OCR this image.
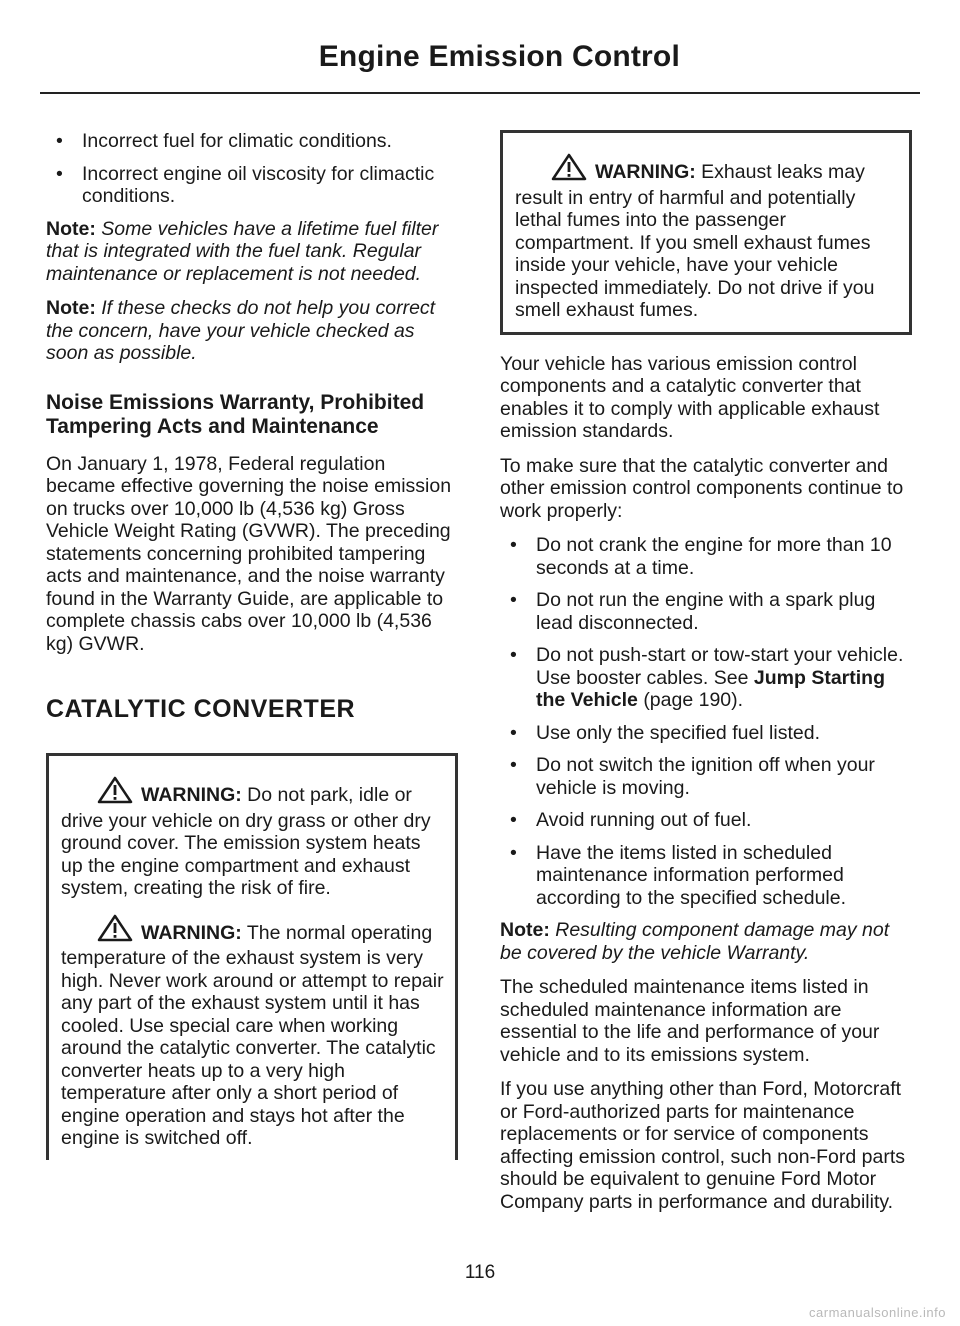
Engine Emission Control
• Incorrect fuel for climatic conditions.
• Incorrect engine oil viscosity for climactic conditions.

Note: Some vehicles have a lifetime fuel filter that is integrated with the fuel tank. Regular maintenance or replacement is not needed.

Note: If these checks do not help you correct the concern, have your vehicle checked as soon as possible.

Noise Emissions Warranty, Prohibited Tampering Acts and Maintenance

On January 1, 1978, Federal regulation became effective governing the noise emission on trucks over 10,000 lb (4,536 kg) Gross Vehicle Weight Rating (GVWR). The preceding statements concerning prohibited tampering acts and maintenance, and the noise warranty found in the Warranty Guide, are applicable to complete chassis cabs over 10,000 lb (4,536 kg) GVWR.

CATALYTIC CONVERTER
WARNING: Do not park, idle or drive your vehicle on dry grass or other dry ground cover. The emission system heats up the engine compartment and exhaust system, creating the risk of fire.
WARNING: The normal operating temperature of the exhaust system is very high. Never work around or attempt to repair any part of the exhaust system until it has cooled. Use special care when working around the catalytic converter. The catalytic converter heats up to a very high temperature after only a short period of engine operation and stays hot after the engine is switched off.
WARNING: Exhaust leaks may result in entry of harmful and potentially lethal fumes into the passenger compartment. If you smell exhaust fumes inside your vehicle, have your vehicle inspected immediately. Do not drive if you smell exhaust fumes.

Your vehicle has various emission control components and a catalytic converter that enables it to comply with applicable exhaust emission standards.

To make sure that the catalytic converter and other emission control components continue to work properly:

• Do not crank the engine for more than 10 seconds at a time.
• Do not run the engine with a spark plug lead disconnected.
• Do not push-start or tow-start your vehicle. Use booster cables. See Jump Starting the Vehicle (page 190).
• Use only the specified fuel listed.
• Do not switch the ignition off when your vehicle is moving.
• Avoid running out of fuel.
• Have the items listed in scheduled maintenance information performed according to the specified schedule.

Note: Resulting component damage may not be covered by the vehicle Warranty.

The scheduled maintenance items listed in scheduled maintenance information are essential to the life and performance of your vehicle and to its emissions system.

If you use anything other than Ford, Motorcraft or Ford-authorized parts for maintenance replacements or for service of components affecting emission control, such non-Ford parts should be equivalent to genuine Ford Motor Company parts in performance and durability.

116
carmanualsonline.info
